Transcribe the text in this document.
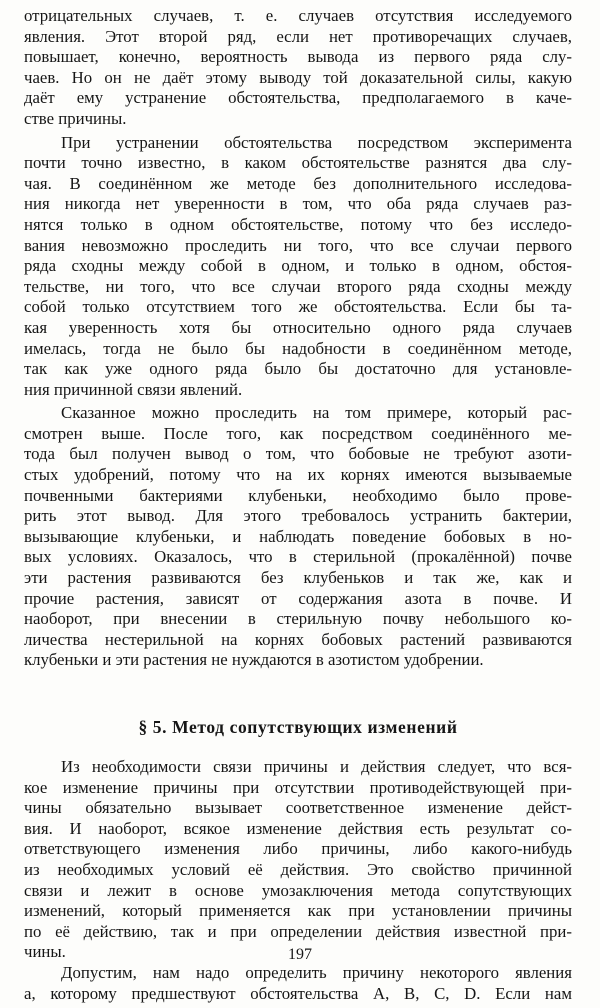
отрицательных случаев, т. е. случаев отсутствия исследуемого
явления. Этот второй ряд, если нет противоречащих случаев,
повышает, конечно, вероятность вывода из первого ряда слу-
чаев. Но он не даёт этому выводу той доказательной силы, какую
даёт ему устранение обстоятельства, предполагаемого в каче-
стве причины.
При устранении обстоятельства посредством эксперимента
почти точно известно, в каком обстоятельстве разнятся два слу-
чая. В соединённом же методе без дополнительного исследова-
ния никогда нет уверенности в том, что оба ряда случаев раз-
нятся только в одном обстоятельстве, потому что без исследо-
вания невозможно проследить ни того, что все случаи первого
ряда сходны между собой в одном, и только в одном, обстоя-
тельстве, ни того, что все случаи второго ряда сходны между
собой только отсутствием того же обстоятельства. Если бы та-
кая уверенность хотя бы относительно одного ряда случаев
имелась, тогда не было бы надобности в соединённом методе,
так как уже одного ряда было бы достаточно для установле-
ния причинной связи явлений.
Сказанное можно проследить на том примере, который рас-
смотрен выше. После того, как посредством соединённого ме-
тода был получен вывод о том, что бобовые не требуют азоти-
стых удобрений, потому что на их корнях имеются вызываемые
почвенными бактериями клубеньки, необходимо было прове-
рить этот вывод. Для этого требовалось устранить бактерии,
вызывающие клубеньки, и наблюдать поведение бобовых в но-
вых условиях. Оказалось, что в стерильной (прокалённой) почве
эти растения развиваются без клубеньков и так же, как и
прочие растения, зависят от содержания азота в почве. И
наоборот, при внесении в стерильную почву небольшого ко-
личества нестерильной на корнях бобовых растений развиваются
клубеньки и эти растения не нуждаются в азотистом удобрении.
§ 5. Метод сопутствующих изменений
Из необходимости связи причины и действия следует, что вся-
кое изменение причины при отсутствии противодействующей при-
чины обязательно вызывает соответственное изменение дейст-
вия. И наоборот, всякое изменение действия есть результат со-
ответствующего изменения либо причины, либо какого-нибудь
из необходимых условий её действия. Это свойство причинной
связи и лежит в основе умозаключения метода сопутствующих
изменений, который применяется как при установлении причины
по её действию, так и при определении действия известной при-
чины.
Допустим, нам надо определить причину некоторого явления
a, которому предшествуют обстоятельства A, B, C, D. Если нам
197
